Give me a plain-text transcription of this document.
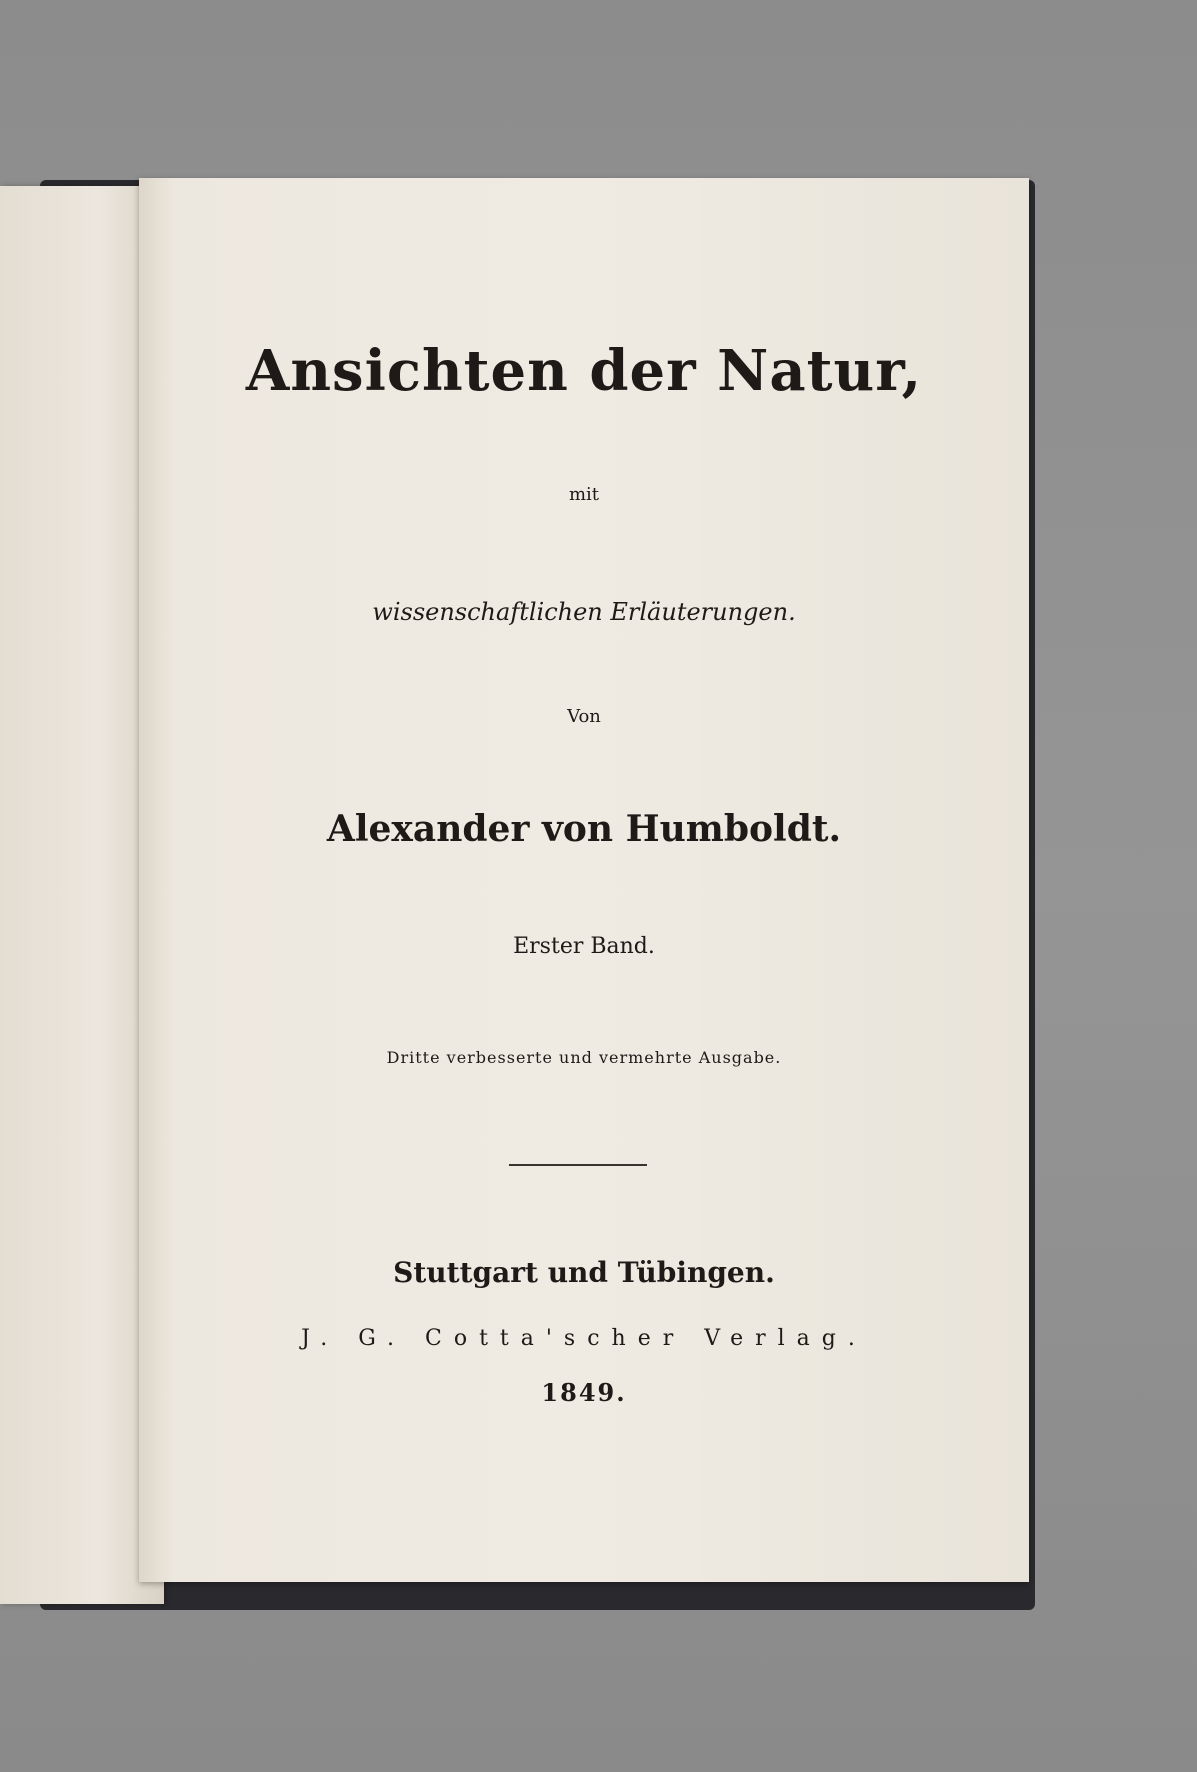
Ansichten der Natur,
mit
wissenschaftlichen Erläuterungen.
Von
Alexander von Humboldt.
Erster Band.
Dritte verbesserte und vermehrte Ausgabe.
Stuttgart und Tübingen.
J. G. Cotta'scher Verlag.
1849.
